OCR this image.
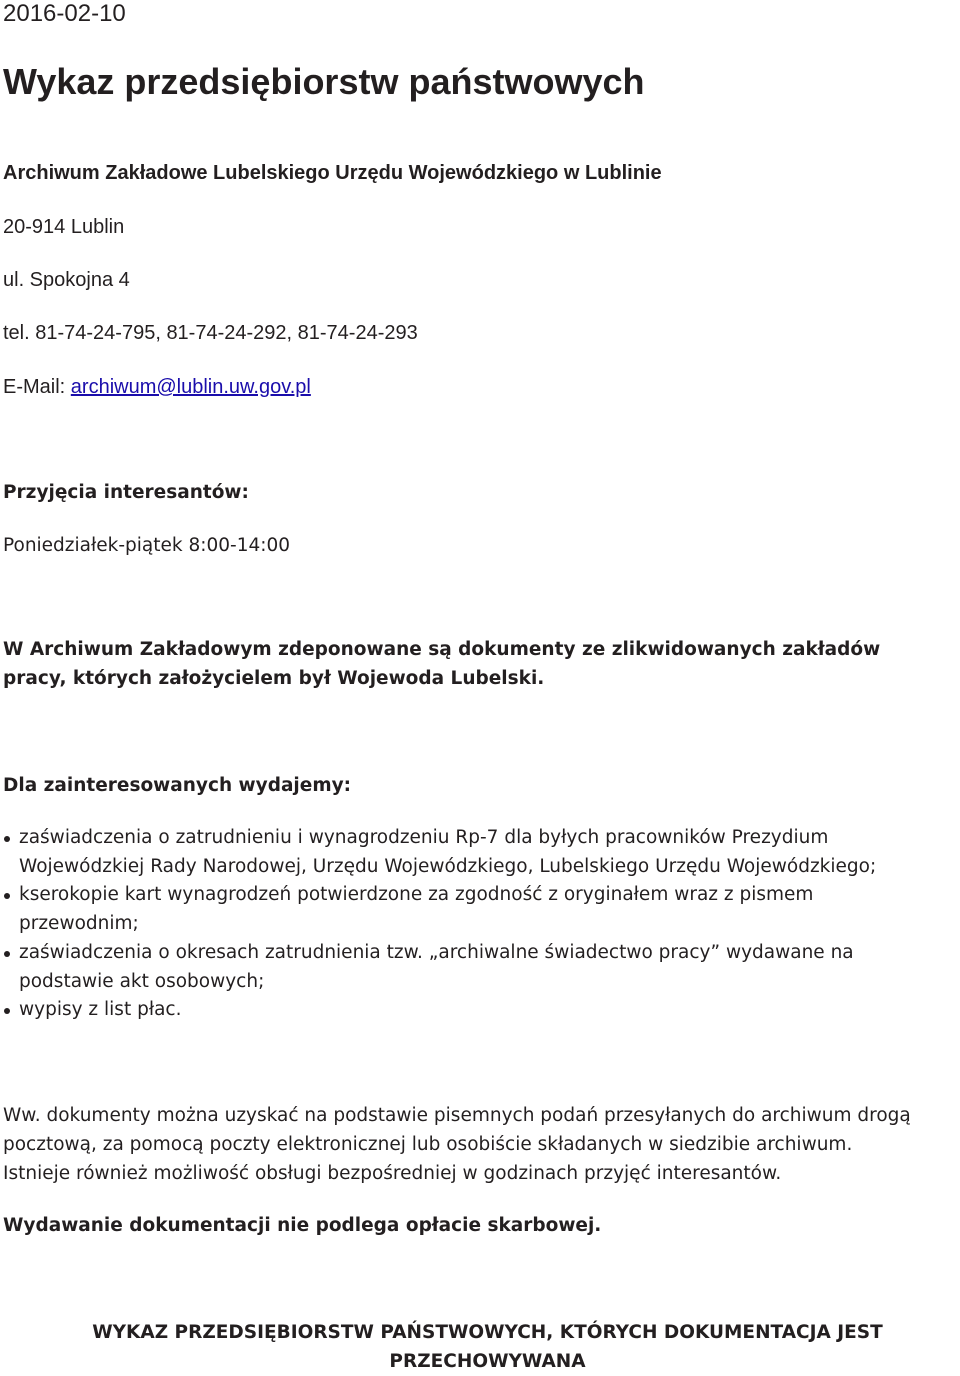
2016-02-10

Wykaz przedsiębiorstw państwowych

Archiwum Zakładowe Lubelskiego Urzędu Wojewódzkiego w Lublinie

20-914 Lublin

ul. Spokojna 4

tel. 81-74-24-795, 81-74-24-292, 81-74-24-293

E-Mail: archiwum@lublin.uw.gov.pl

Przyjęcia interesantów:

Poniedziałek-piątek 8:00-14:00

W Archiwum Zakładowym zdeponowane są dokumenty ze zlikwidowanych zakładów

pracy, których założycielem był Wojewoda Lubelski.

Dla zainteresowanych wydajemy:

zaświadczenia o zatrudnieniu i wynagrodzeniu Rp-7 dla byłych pracowników Prezydium Wojewódzkiej Rady Narodowej, Urzędu Wojewódzkiego, Lubelskiego Urzędu Wojewódzkiego;
kserokopie kart wynagrodzeń potwierdzone za zgodność z oryginałem wraz z pismem przewodnim;
zaświadczenia o okresach zatrudnienia tzw. „archiwalne świadectwo pracy” wydawane na podstawie akt osobowych;
wypisy z list płac.

Ww. dokumenty można uzyskać na podstawie pisemnych podań przesyłanych do archiwum drogą

pocztową, za pomocą poczty elektronicznej lub osobiście składanych w siedzibie archiwum.

Istnieje również możliwość obsługi bezpośredniej w godzinach przyjęć interesantów.

Wydawanie dokumentacji nie podlega opłacie skarbowej.

WYKAZ PRZEDSIĘBIORSTW PAŃSTWOWYCH, KTÓRYCH DOKUMENTACJA JEST
PRZECHOWYWANA
